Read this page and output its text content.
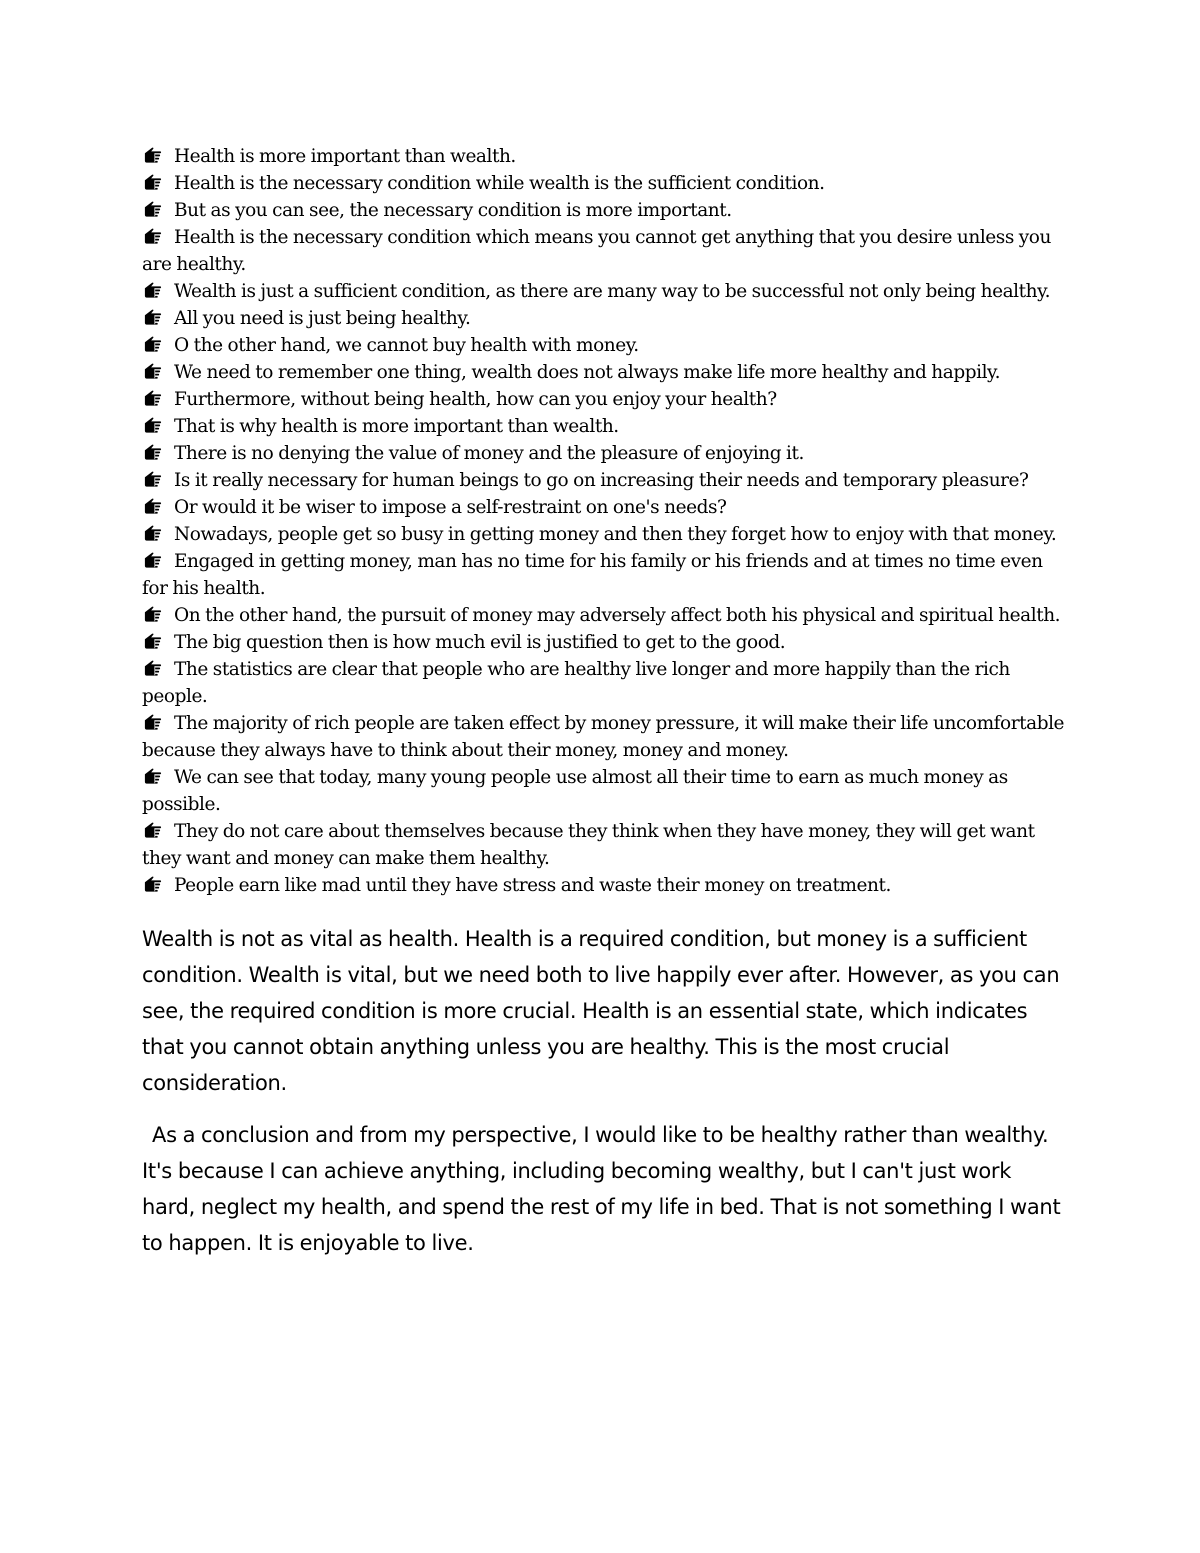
Health is more important than wealth.
Health is the necessary condition while wealth is the sufficient condition.
But as you can see, the necessary condition is more important.
Health is the necessary condition which means you cannot get anything that you desire unless you are healthy.
Wealth is just a sufficient condition, as there are many way to be successful not only being healthy.
All you need is just being healthy.
O the other hand, we cannot buy health with money.
We need to remember one thing, wealth does not always make life more healthy and happily.
Furthermore, without being health, how can you enjoy your health?
That is why health is more important than wealth.
There is no denying the value of money and the pleasure of enjoying it.
Is it really necessary for human beings to go on increasing their needs and temporary pleasure?
Or would it be wiser to impose a self-restraint on one's needs?
Nowadays, people get so busy in getting money and then they forget how to enjoy with that money.
Engaged in getting money, man has no time for his family or his friends and at times no time even for his health.
On the other hand, the pursuit of money may adversely affect both his physical and spiritual health.
The big question then is how much evil is justified to get to the good.
The statistics are clear that people who are healthy live longer and more happily than the rich people.
The majority of rich people are taken effect by money pressure, it will make their life uncomfortable because they always have to think about their money, money and money.
We can see that today, many young people use almost all their time to earn as much money as possible.
They do not care about themselves because they think when they have money, they will get want they want and money can make them healthy.
People earn like mad until they have stress and waste their money on treatment.

Wealth is not as vital as health. Health is a required condition, but money is a sufficient condition. Wealth is vital, but we need both to live happily ever after. However, as you can see, the required condition is more crucial. Health is an essential state, which indicates that you cannot obtain anything unless you are healthy. This is the most crucial consideration.

As a conclusion and from my perspective, I would like to be healthy rather than wealthy. It's because I can achieve anything, including becoming wealthy, but I can't just work hard, neglect my health, and spend the rest of my life in bed. That is not something I want to happen. It is enjoyable to live.
